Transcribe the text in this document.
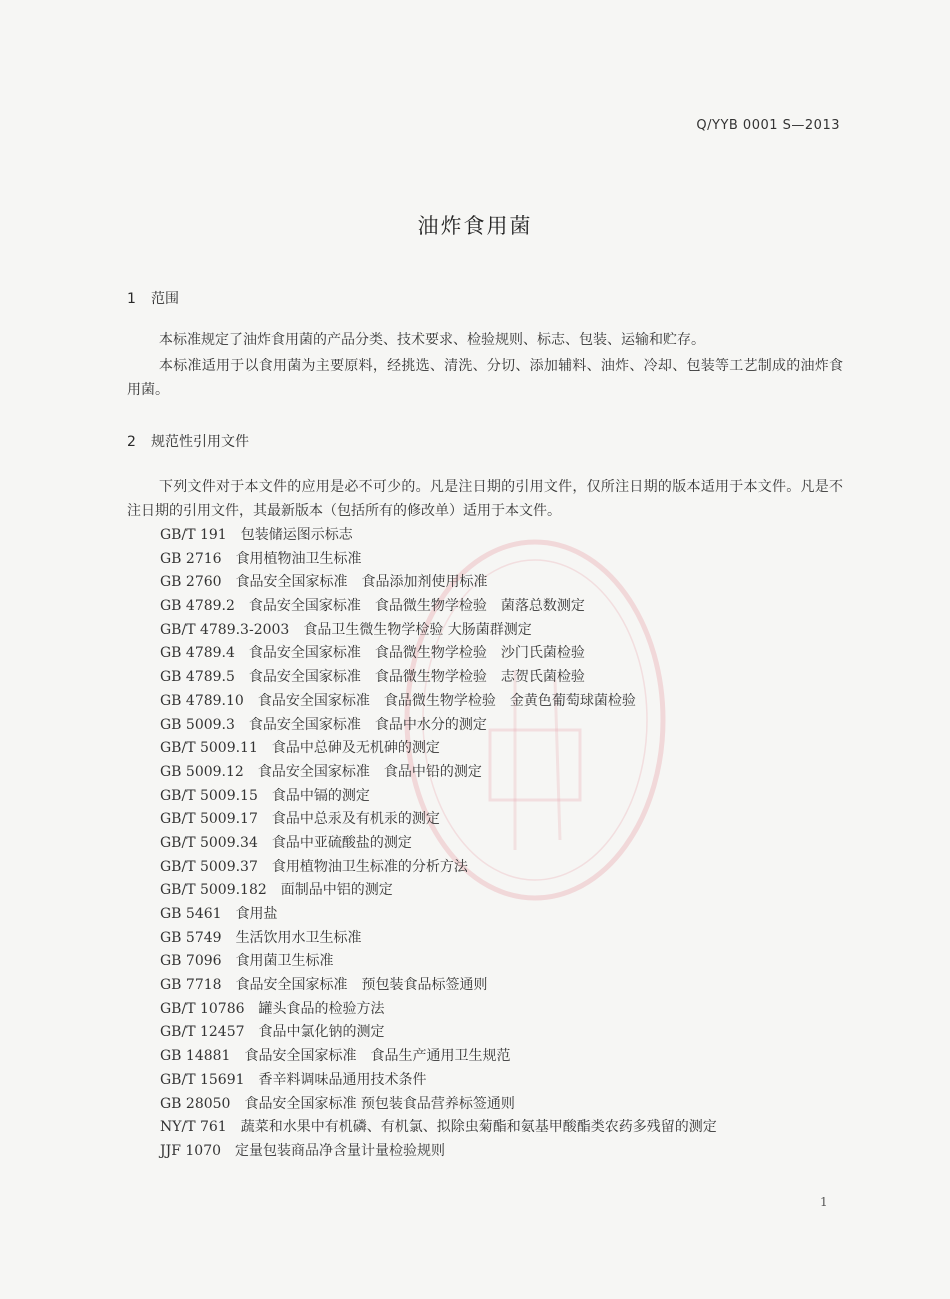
Q/YYB 0001 S—2013
油炸食用菌
1 范围
本标准规定了油炸食用菌的产品分类、技术要求、检验规则、标志、包装、运输和贮存。
本标准适用于以食用菌为主要原料，经挑选、清洗、分切、添加辅料、油炸、冷却、包装等工艺制成的油炸食用菌。
2 规范性引用文件
下列文件对于本文件的应用是必不可少的。凡是注日期的引用文件，仅所注日期的版本适用于本文件。凡是不注日期的引用文件，其最新版本（包括所有的修改单）适用于本文件。
GB/T 191 包装储运图示标志
GB 2716 食用植物油卫生标准
GB 2760 食品安全国家标准　食品添加剂使用标准
GB 4789.2 食品安全国家标准　食品微生物学检验　菌落总数测定
GB/T 4789.3-2003 食品卫生微生物学检验 大肠菌群测定
GB 4789.4 食品安全国家标准　食品微生物学检验　沙门氏菌检验
GB 4789.5 食品安全国家标准　食品微生物学检验　志贺氏菌检验
GB 4789.10 食品安全国家标准　食品微生物学检验　金黄色葡萄球菌检验
GB 5009.3 食品安全国家标准　食品中水分的测定
GB/T 5009.11 食品中总砷及无机砷的测定
GB 5009.12 食品安全国家标准　食品中铅的测定
GB/T 5009.15 食品中镉的测定
GB/T 5009.17 食品中总汞及有机汞的测定
GB/T 5009.34 食品中亚硫酸盐的测定
GB/T 5009.37 食用植物油卫生标准的分析方法
GB/T 5009.182 面制品中铝的测定
GB 5461 食用盐
GB 5749 生活饮用水卫生标准
GB 7096 食用菌卫生标准
GB 7718 食品安全国家标准　预包装食品标签通则
GB/T 10786 罐头食品的检验方法
GB/T 12457 食品中氯化钠的测定
GB 14881 食品安全国家标准　食品生产通用卫生规范
GB/T 15691 香辛料调味品通用技术条件
GB 28050 食品安全国家标准 预包装食品营养标签通则
NY/T 761 蔬菜和水果中有机磷、有机氯、拟除虫菊酯和氨基甲酸酯类农药多残留的测定
JJF 1070 定量包装商品净含量计量检验规则
1
